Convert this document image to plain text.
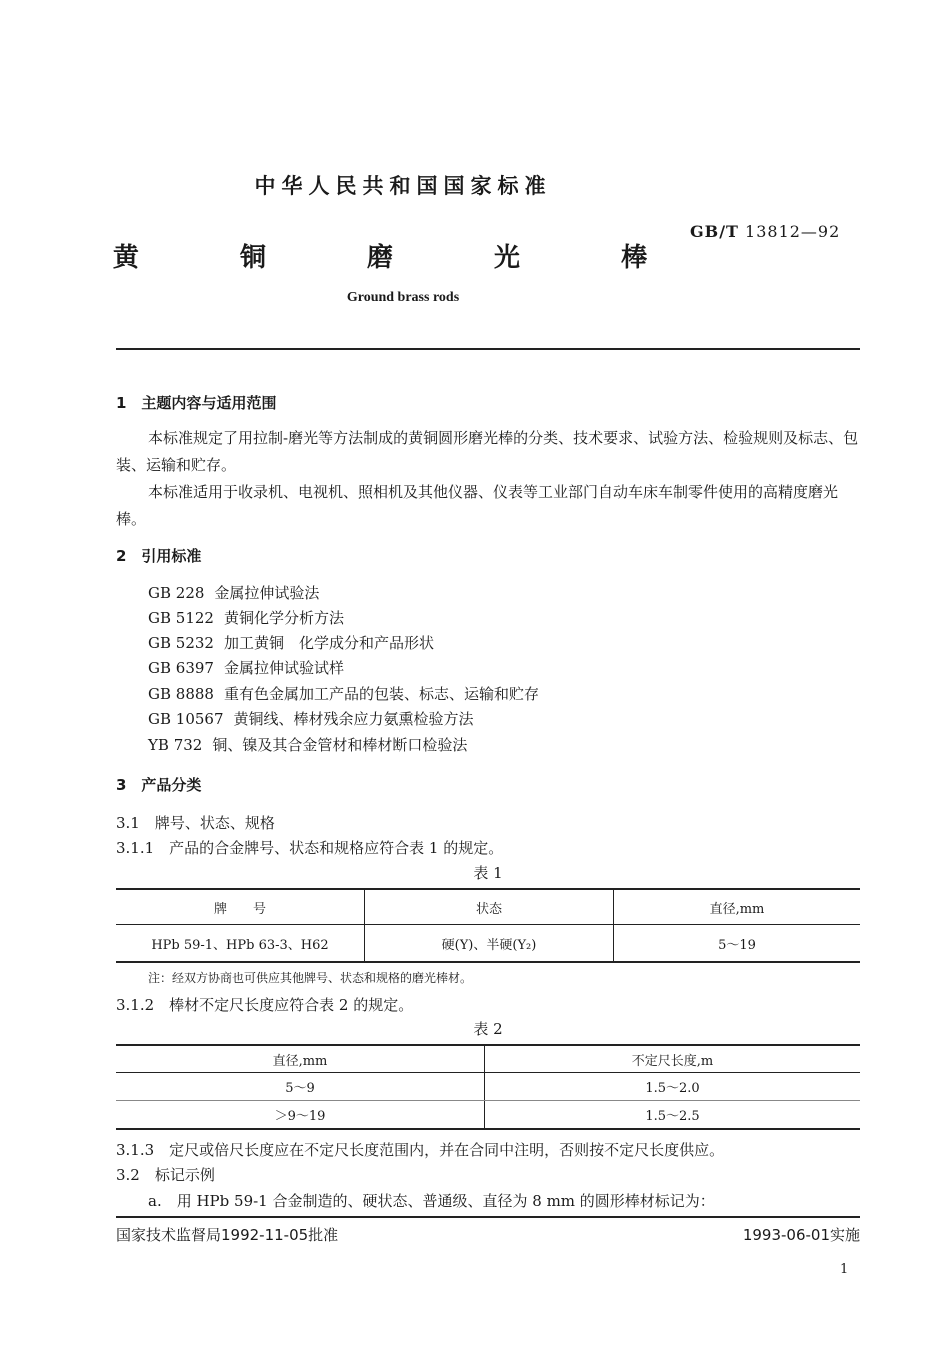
中华人民共和国国家标准
GB/T 13812—92
黄 铜 磨 光 棒
Ground brass rods
1　主题内容与适用范围
本标准规定了用拉制-磨光等方法制成的黄铜圆形磨光棒的分类、技术要求、试验方法、检验规则及标志、包装、运输和贮存。
本标准适用于收录机、电视机、照相机及其他仪器、仪表等工业部门自动车床车制零件使用的高精度磨光棒。
2　引用标准
GB 228 金属拉伸试验法
GB 5122 黄铜化学分析方法
GB 5232 加工黄铜　化学成分和产品形状
GB 6397 金属拉伸试验试样
GB 8888 重有色金属加工产品的包装、标志、运输和贮存
GB 10567 黄铜线、棒材残余应力氨熏检验方法
YB 732 铜、镍及其合金管材和棒材断口检验法
3　产品分类
3.1　牌号、状态、规格
3.1.1　产品的合金牌号、状态和规格应符合表 1 的规定。
表 1
牌　　号	状态	直径,mm
HPb 59-1、HPb 63-3、H62	硬(Y)、半硬(Y₂)	5～19
注：经双方协商也可供应其他牌号、状态和规格的磨光棒材。
3.1.2　棒材不定尺长度应符合表 2 的规定。
表 2
直径,mm	不定尺长度,m
5～9	1.5～2.0
＞9～19	1.5～2.5
3.1.3　定尺或倍尺长度应在不定尺长度范围内，并在合同中注明，否则按不定尺长度供应。
3.2　标记示例
a.　用 HPb 59-1 合金制造的、硬状态、普通级、直径为 8 mm 的圆形棒材标记为：
国家技术监督局1992-11-05批准	1993-06-01实施
1
